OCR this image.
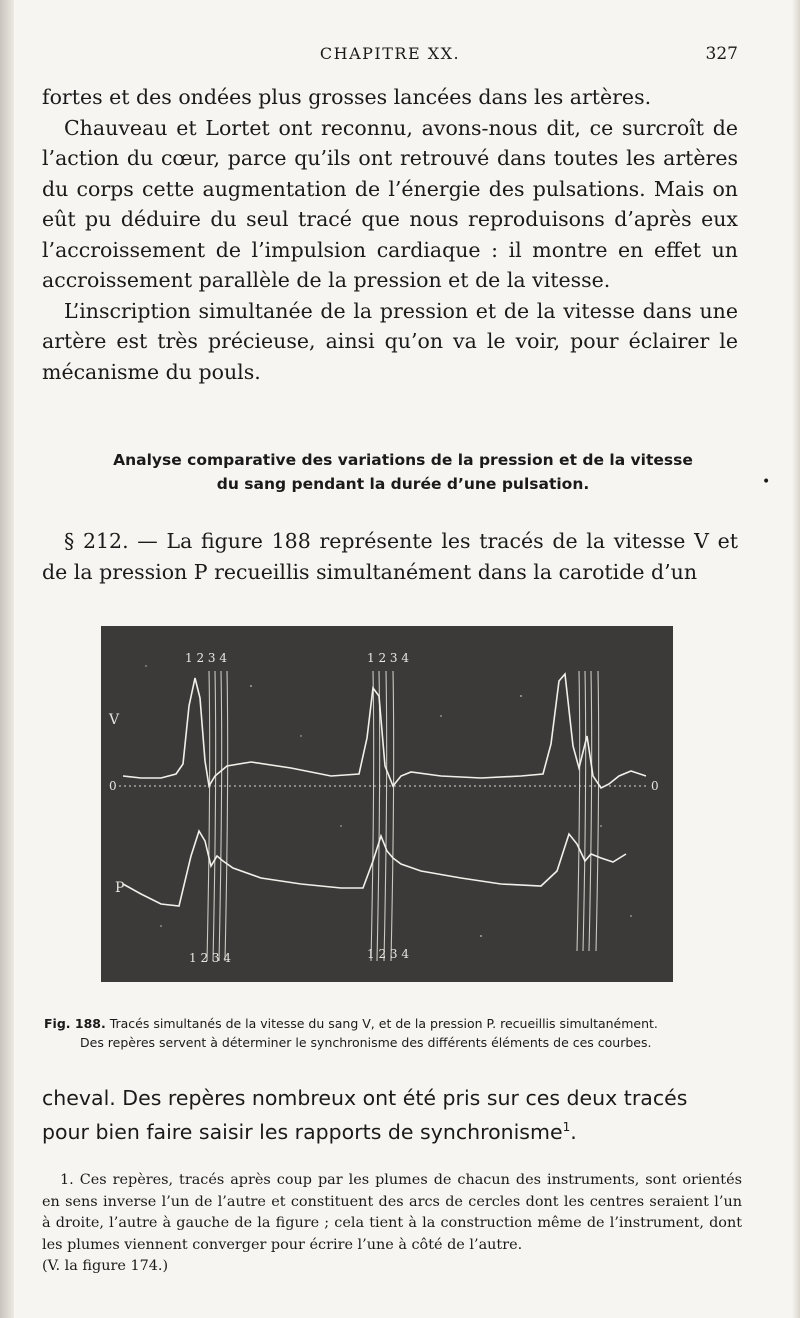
CHAPITRE XX.	327

fortes et des ondées plus grosses lancées dans les artères.

Chauveau et Lortet ont reconnu, avons-nous dit, ce surcroît de l’action du cœur, parce qu’ils ont retrouvé dans toutes les artères du corps cette augmentation de l’énergie des pulsations. Mais on eût pu déduire du seul tracé que nous reproduisons d’après eux l’accroissement de l’impulsion cardiaque : il montre en effet un accroissement parallèle de la pression et de la vitesse.

L’inscription simultanée de la pression et de la vitesse dans une artère est très précieuse, ainsi qu’on va le voir, pour éclairer le mécanisme du pouls.

Analyse comparative des variations de la pression et de la vitesse
du sang pendant la durée d’une pulsation.	•

§ 212. — La figure 188 représente les tracés de la vitesse V et de la pression P recueillis simultanément dans la carotide d’un

1 2 3 4	1 2 3 4
1 2 3 4	1 2 3 4
V
P
0	0
Fig. 188. Tracés simultanés de la vitesse du sang V, et de la pression P. recueillis simultanément.
Des repères servent à déterminer le synchronisme des différents éléments de ces courbes.
cheval. Des repères nombreux ont été pris sur ces deux tracés pour bien faire saisir les rapports de synchronisme$^1$.

1. Ces repères, tracés après coup par les plumes de chacun des instruments, sont orientés en sens inverse l’un de l’autre et constituent des arcs de cercles dont les centres seraient l’un à droite, l’autre à gauche de la figure ; cela tient à la construction même de l’instrument, dont les plumes viennent converger pour écrire l’une à côté de l’autre.

(V. la figure 174.)
